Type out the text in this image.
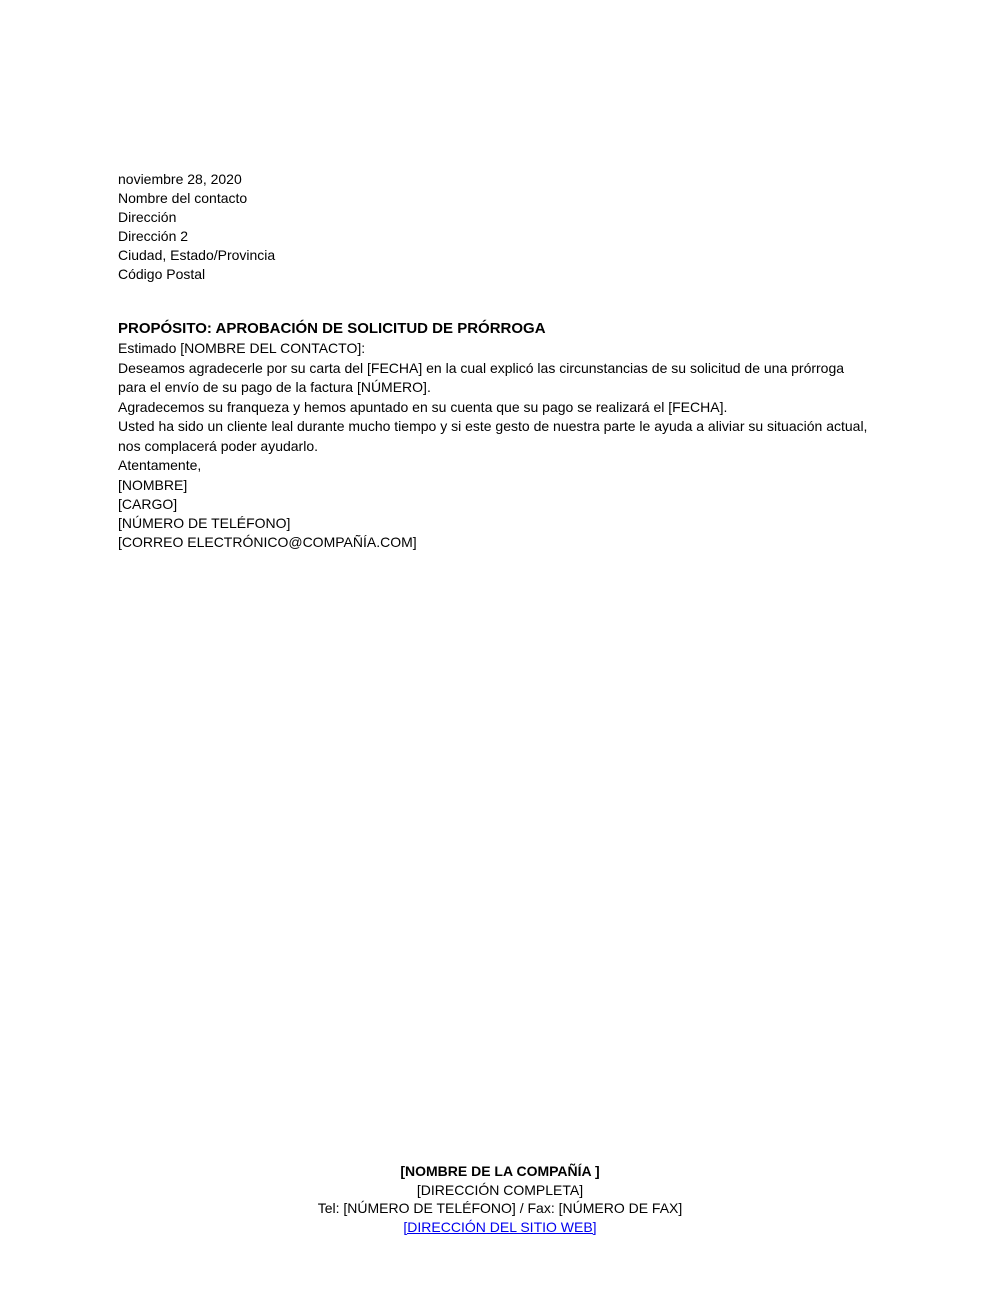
noviembre 28, 2020

Nombre del contacto

Dirección

Dirección 2

Ciudad, Estado/Provincia

Código Postal

PROPÓSITO: APROBACIÓN DE SOLICITUD DE PRÓRROGA

Estimado [NOMBRE DEL CONTACTO]:

Deseamos agradecerle por su carta del [FECHA] en la cual explicó las circunstancias de su solicitud de una prórroga para el envío de su pago de la factura [NÚMERO].

Agradecemos su franqueza y hemos apuntado en su cuenta que su pago se realizará el [FECHA].

Usted ha sido un cliente leal durante mucho tiempo y si este gesto de nuestra parte le ayuda a aliviar su situación actual, nos complacerá poder ayudarlo.

Atentamente,

[NOMBRE]

[CARGO]

[NÚMERO DE TELÉFONO]

[CORREO ELECTRÓNICO@COMPAÑÍA.COM]

[NOMBRE DE LA COMPAÑÍA ]

[DIRECCIÓN COMPLETA]

Tel: [NÚMERO DE TELÉFONO] / Fax: [NÚMERO DE FAX]

[DIRECCIÓN DEL SITIO WEB]
